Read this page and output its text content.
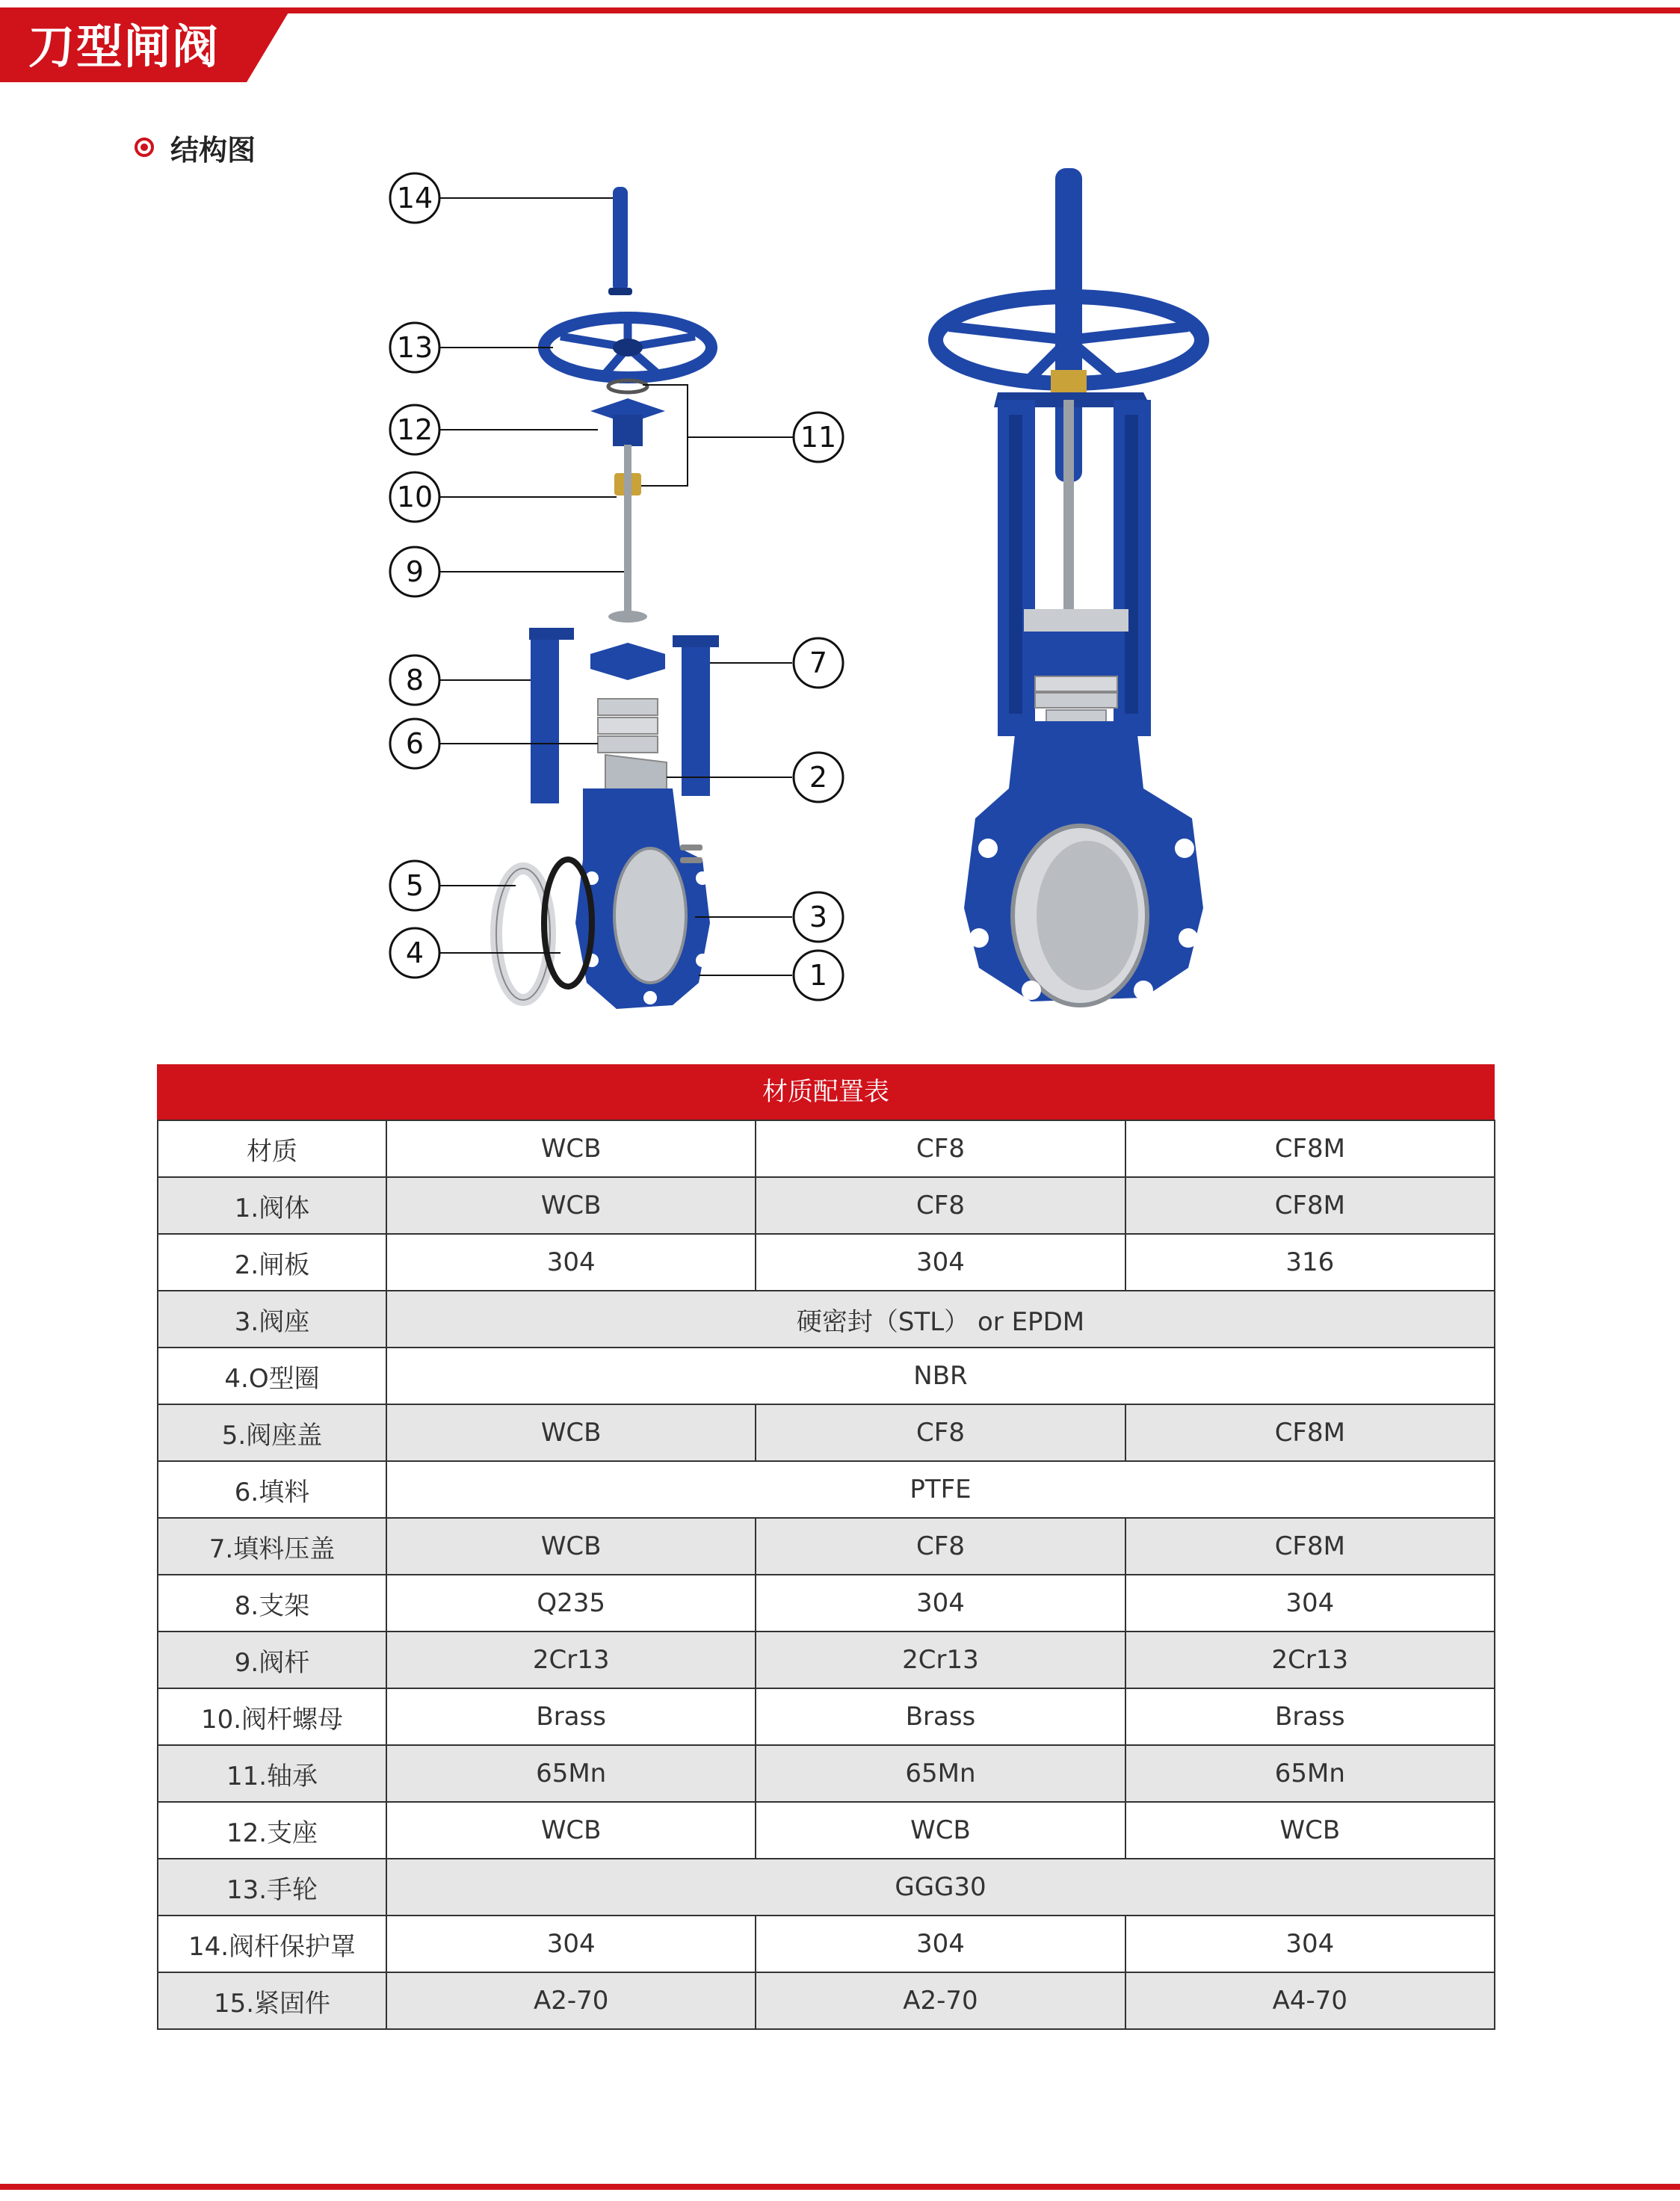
刀型闸阀
结构图
14
13
12	11
10
9
8
7
6
2
5
3
4
1
材质配置表
材质	WCB	CF8	CF8M
1.阀体	WCB	CF8	CF8M
2.闸板	304	304	316
3.阀座	硬密封（STL） or EPDM		
4.O型圈	NBR		
5.阀座盖	WCB	CF8	CF8M
6.填料	PTFE		
7.填料压盖	WCB	CF8	CF8M
8.支架	Q235	304	304
9.阀杆	2Cr13	2Cr13	2Cr13
10.阀杆螺母	Brass	Brass	Brass
11.轴承	65Mn	65Mn	65Mn
12.支座	WCB	WCB	WCB
13.手轮	GGG30		
14.阀杆保护罩	304	304	304
15.紧固件	A2-70	A2-70	A4-70
